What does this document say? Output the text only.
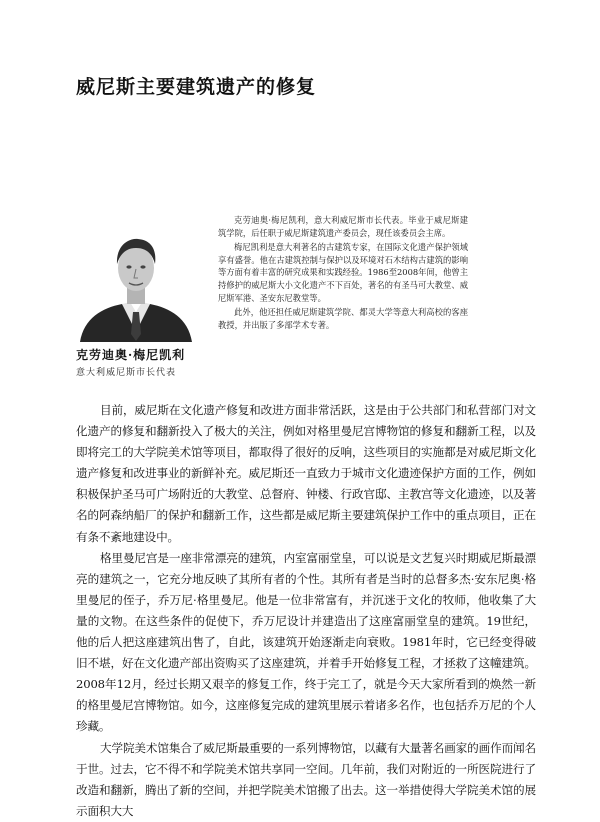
威尼斯主要建筑遗产的修复
克劳迪奥·梅尼凯利
意大利威尼斯市长代表

克劳迪奥·梅尼凯利，意大利威尼斯市长代表。毕业于威尼斯建筑学院，后任职于威尼斯建筑遗产委员会，现任该委员会主席。

梅尼凯利是意大利著名的古建筑专家，在国际文化遗产保护领域享有盛誉。他在古建筑控制与保护以及环境对石木结构古建筑的影响等方面有着丰富的研究成果和实践经验。1986至2008年间，他曾主持修护的威尼斯大小文化遗产不下百处，著名的有圣马可大教堂、威尼斯军港、圣安东尼教堂等。

此外，他还担任威尼斯建筑学院、都灵大学等意大利高校的客座教授，并出版了多部学术专著。

目前，威尼斯在文化遗产修复和改进方面非常活跃，这是由于公共部门和私营部门对文化遗产的修复和翻新投入了极大的关注，例如对格里曼尼宫博物馆的修复和翻新工程，以及即将完工的大学院美术馆等项目，都取得了很好的反响，这些项目的实施都是对威尼斯文化遗产修复和改进事业的新鲜补充。威尼斯还一直致力于城市文化遗迹保护方面的工作，例如积极保护圣马可广场附近的大教堂、总督府、钟楼、行政官邸、主教宫等文化遗迹，以及著名的阿森纳船厂的保护和翻新工作，这些都是威尼斯主要建筑保护工作中的重点项目，正在有条不紊地建设中。

格里曼尼宫是一座非常漂亮的建筑，内室富丽堂皇，可以说是文艺复兴时期威尼斯最漂亮的建筑之一，它充分地反映了其所有者的个性。其所有者是当时的总督多杰·安东尼奥·格里曼尼的侄子，乔万尼·格里曼尼。他是一位非常富有，并沉迷于文化的牧师，他收集了大量的文物。在这些条件的促使下，乔万尼设计并建造出了这座富丽堂皇的建筑。19世纪，他的后人把这座建筑出售了，自此，该建筑开始逐渐走向衰败。1981年时，它已经变得破旧不堪，好在文化遗产部出资购买了这座建筑，并着手开始修复工程，才拯救了这幢建筑。2008年12月，经过长期又艰辛的修复工作，终于完工了，就是今天大家所看到的焕然一新的格里曼尼宫博物馆。如今，这座修复完成的建筑里展示着诸多名作，也包括乔万尼的个人珍藏。

大学院美术馆集合了威尼斯最重要的一系列博物馆，以藏有大量著名画家的画作而闻名于世。过去，它不得不和学院美术馆共享同一空间。几年前，我们对附近的一所医院进行了改造和翻新，腾出了新的空间，并把学院美术馆搬了出去。这一举措使得大学院美术馆的展示面积大大
